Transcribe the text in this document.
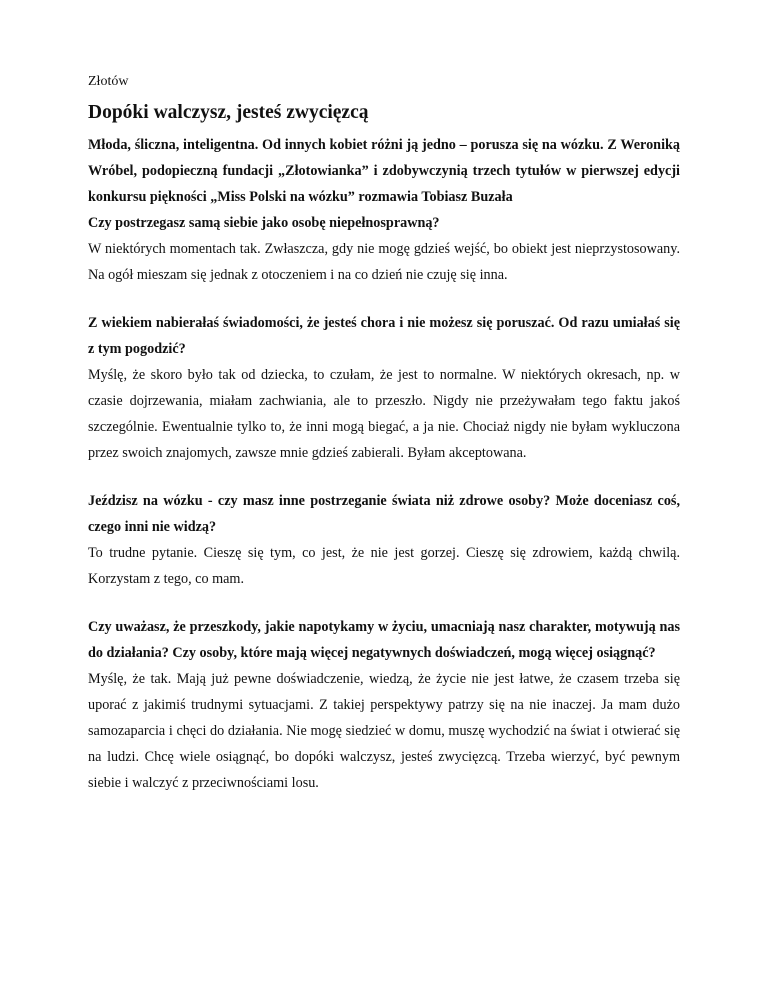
Złotów

Dopóki walczysz, jesteś zwycięzcą

Młoda, śliczna, inteligentna. Od innych kobiet różni ją jedno – porusza się na wózku. Z Weroniką Wróbel, podopieczną fundacji „Złotowianka” i zdobywczynią trzech tytułów w pierwszej edycji konkursu piękności „Miss Polski na wózku” rozmawia Tobiasz Buzała

Czy postrzegasz samą siebie jako osobę niepełnosprawną?

W niektórych momentach tak. Zwłaszcza, gdy nie mogę gdzieś wejść, bo obiekt jest nieprzystosowany. Na ogół mieszam się jednak z otoczeniem i na co dzień nie czuję się inna.

Z wiekiem nabierałaś świadomości, że jesteś chora i nie możesz się poruszać. Od razu umiałaś się z tym pogodzić?

Myślę, że skoro było tak od dziecka, to czułam, że jest to normalne. W niektórych okresach, np. w czasie dojrzewania, miałam zachwiania, ale to przeszło. Nigdy nie przeżywałam tego faktu jakoś szczególnie. Ewentualnie tylko to, że inni mogą biegać, a ja nie. Chociaż nigdy nie byłam wykluczona przez swoich znajomych, zawsze mnie gdzieś zabierali. Byłam akceptowana.

Jeździsz na wózku - czy masz inne postrzeganie świata niż zdrowe osoby? Może doceniasz coś, czego inni nie widzą?

To trudne pytanie. Cieszę się tym, co jest, że nie jest gorzej. Cieszę się zdrowiem, każdą chwilą. Korzystam z tego, co mam.

Czy uważasz, że przeszkody, jakie napotykamy w życiu, umacniają nasz charakter, motywują nas do działania? Czy osoby, które mają więcej negatywnych doświadczeń, mogą więcej osiągnąć?

Myślę, że tak. Mają już pewne doświadczenie, wiedzą, że życie nie jest łatwe, że czasem trzeba się uporać z jakimiś trudnymi sytuacjami. Z takiej perspektywy patrzy się na nie inaczej. Ja mam dużo samozaparcia i chęci do działania. Nie mogę siedzieć w domu, muszę wychodzić na świat i otwierać się na ludzi. Chcę wiele osiągnąć, bo dopóki walczysz, jesteś zwycięzcą. Trzeba wierzyć, być pewnym siebie i walczyć z przeciwnościami losu.
